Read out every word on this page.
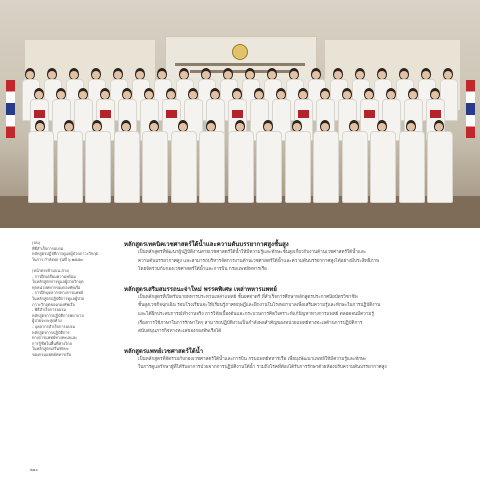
(บน)
พิธีสำเร็จการอบรม
หลักสูตรปฏิบัติการดูแลผู้ป่วยภาวะวิกฤต
ในการ กำลังพล รุ่นที่ ๖ ๒๕๕๓
(หน้าตรงข้ามบน-ล่าง)
- การฝึกเตรียมความพร้อม
ในหลักสูตรการดูแลผู้ป่วยวิกฤต
ทุกหน่วยทหารของกองทัพเรือ
- การฝึกบุคลากรทางการแพทย์
ในหลักสูตรปฏิบัติการดูแลผู้ป่วย
ภาวะวิกฤตของกองทัพเรือ
- พิธีสำเร็จการอบรม
หลักสูตรการปฏิบัติการพยาบาล
ผู้ป่วยระยะสุดท้าย
- บุคลากรสำเร็จการอบรม
หลักสูตรการปฏิบัติการ
ทางการแพทย์ทางทะเลและ
การกู้ชีพในพื้นที่ห่างไกล
ในหลักสูตรเสริมทักษะ
ของกรมแพทย์ทหารเรือ
หลักสูตรเทคนิคเวชศาสตร์ใต้น้ำและความดันบรรยากาศสูงชั้นสูง
เป็นหลักสูตรที่พัฒนาผู้ปฏิบัติงานสายเวชศาสตร์ใต้น้ำให้มีความรู้และทักษะชั้นสูงเกี่ยวกับงานด้านเวชศาสตร์ใต้น้ำและ
ความดันบรรยากาศสูง และสามารถบริหารจัดการงานด้านเวชศาสตร์ใต้น้ำและความดันบรรยากาศสูงได้อย่างมีประสิทธิภาพ
โดยจัดร่วมกับกองเวชศาสตร์ใต้น้ำและการบิน กรมแพทย์ทหารเรือ
หลักสูตรเสริมสมรรถนะจ่าใหม่ พรรคพิเศษ เหล่าทหารแพทย์
เป็นหลักสูตรที่เปิดรับนายทหารประทวนเหล่าแพทย์ ชั้นยศจ่าตรี ที่สำเร็จการศึกษาหลักสูตรประกาศนียบัตรวิชาชีพ
ชั้นสูงเวชกิจฉุกเฉิน รอบโรงเรียนจะให้เรียนรู้ภาคทฤษฎีและฝึกงานในโรงพยาบาลเพื่อเสริมความรู้และทักษะในการปฏิบัติงาน
และได้ฝึกประสบการณ์ทำงานจริง การวิจัยเบื้องต้นและกระบวนการคิดวิเคราะห์แก้ปัญหาทางการแพทย์ ตลอดจนมีความรู้
เรื่องการใช้ภาษาในการรักษาใดๆ สามารถปฏิบัติงานเป็นกำลังพลสำคัญของหน่วยแพทย์ทางทะเลด้านการปฏิบัติการ
สนับสนุนภารกิจทางทะเลของกองทัพเรือได้
หลักสูตรแพทย์เวชศาสตร์ใต้น้ำ
เป็นหลักสูตรที่จัดร่วมกับกองเวชศาสตร์ใต้น้ำและการบิน กรมแพทย์ทหารเรือ เพื่อมุ่งพัฒนาแพทย์ให้มีความรู้และทักษะ
ในการดูแลรักษาผู้ที่ได้รับอาการป่วยจากการปฏิบัติงานใต้น้ำ รวมถึงโรคที่ต้องได้รับการรักษาด้วยห้องปรับความดันบรรยากาศสูง
๒๑๐
